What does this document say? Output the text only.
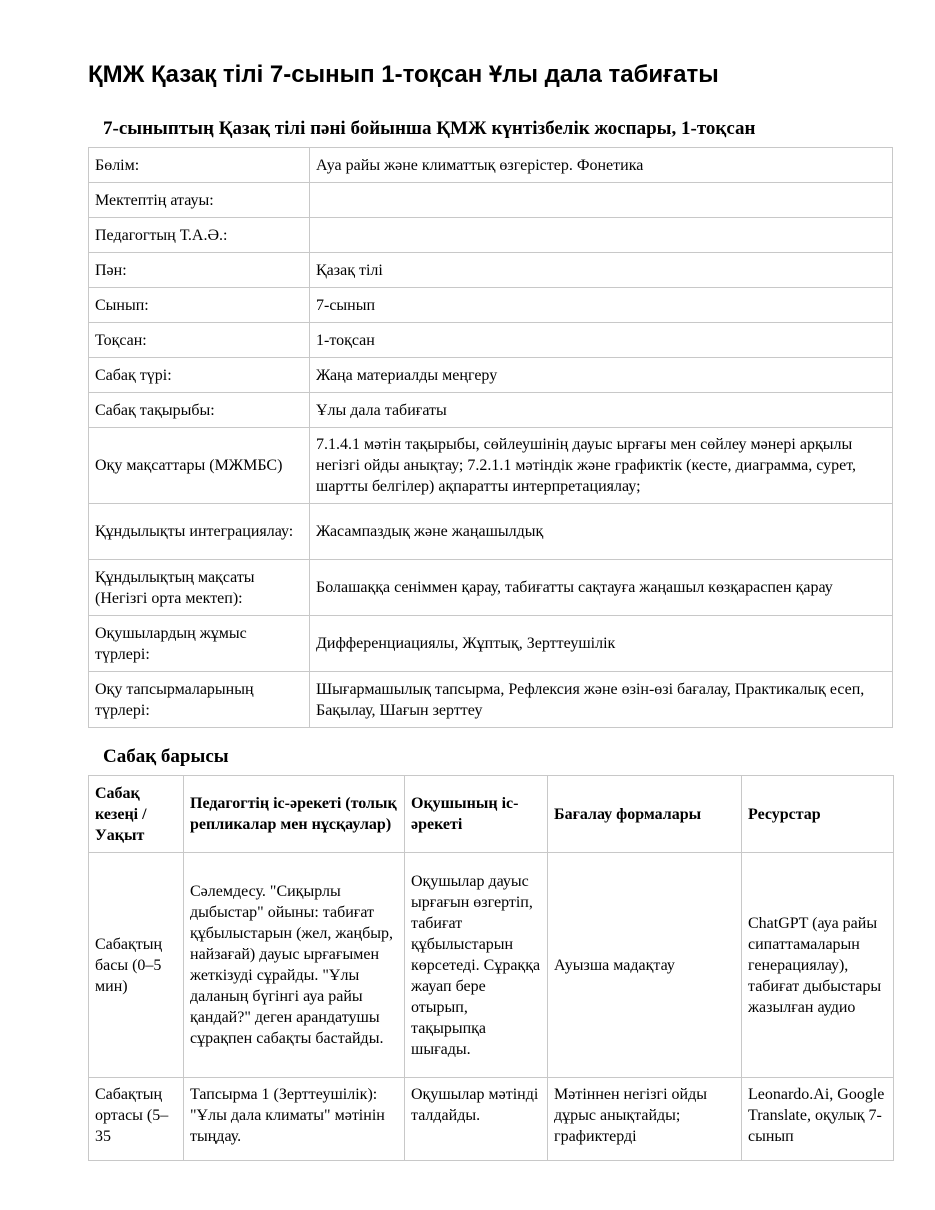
ҚМЖ Қазақ тілі 7-сынып 1-тоқсан Ұлы дала табиғаты
7-сыныптың Қазақ тілі пәні бойынша ҚМЖ күнтізбелік жоспары, 1-тоқсан
Бөлім:	Ауа райы және климаттық өзгерістер. Фонетика
Мектептің атауы:	
Педагогтың Т.А.Ә.:	
Пән:	Қазақ тілі
Сынып:	7-сынып
Тоқсан:	1-тоқсан
Сабақ түрі:	Жаңа материалды меңгеру
Сабақ тақырыбы:	Ұлы дала табиғаты
Оқу мақсаттары (МЖМБС)	7.1.4.1 мәтін тақырыбы, сөйлеушінің дауыс ырғағы мен сөйлеу мәнері арқылы негізгі ойды анықтау; 7.2.1.1 мәтіндік және графиктік (кесте, диаграмма, сурет, шартты белгілер) ақпаратты интерпретациялау;
Құндылықты интеграциялау:	Жасампаздық және жаңашылдық
Құндылықтың мақсаты (Негізгі орта мектеп):	Болашаққа сеніммен қарау, табиғатты сақтауға жаңашыл көзқараспен қарау
Оқушылардың жұмыс түрлері:	Дифференциациялы, Жұптық, Зерттеушілік
Оқу тапсырмаларының түрлері:	Шығармашылық тапсырма, Рефлексия және өзін-өзі бағалау, Практикалық есеп, Бақылау, Шағын зерттеу
Сабақ барысы
Сабақ кезеңі / Уақыт	Педагогтің іс-әрекеті (толық репликалар мен нұсқаулар)	Оқушының іс-әрекеті	Бағалау формалары	Ресурстар
Сабақтың басы (0–5 мин)	Сәлемдесу. "Сиқырлы дыбыстар" ойыны: табиғат құбылыстарын (жел, жаңбыр, найзағай) дауыс ырғағымен жеткізуді сұрайды. "Ұлы даланың бүгінгі ауа райы қандай?" деген арандатушы сұрақпен сабақты бастайды.	Оқушылар дауыс ырғағын өзгертіп, табиғат құбылыстарын көрсетеді. Сұраққа жауап бере отырып, тақырыпқа шығады.	Ауызша мадақтау	ChatGPT (ауа райы сипаттамаларын генерациялау), табиғат дыбыстары жазылған аудио
Сабақтың ортасы (5–35	Тапсырма 1 (Зерттеушілік): "Ұлы дала климаты" мәтінін тыңдау.	Оқушылар мәтінді талдайды.	Мәтіннен негізгі ойды дұрыс анықтайды; графиктерді	Leonardo.Ai, Google Translate, оқулық 7-сынып
